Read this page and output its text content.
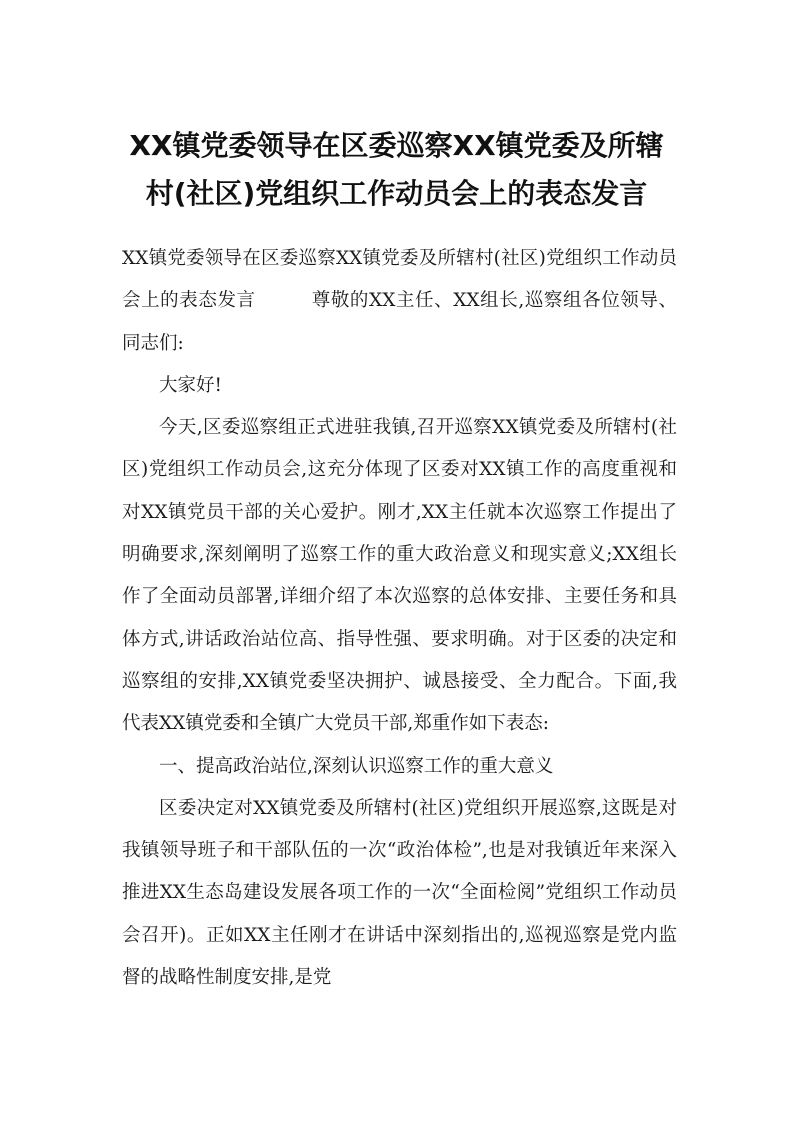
XX镇党委领导在区委巡察XX镇党委及所辖
村(社区)党组织工作动员会上的表态发言

XX镇党委领导在区委巡察XX镇党委及所辖村(社区)党组织工作动员会上的表态发言	尊敬的XX主任、XX组长,巡察组各位领导、同志们:

大家好!

今天,区委巡察组正式进驻我镇,召开巡察XX镇党委及所辖村(社区)党组织工作动员会,这充分体现了区委对XX镇工作的高度重视和对XX镇党员干部的关心爱护。刚才,XX主任就本次巡察工作提出了明确要求,深刻阐明了巡察工作的重大政治意义和现实意义;XX组长作了全面动员部署,详细介绍了本次巡察的总体安排、主要任务和具体方式,讲话政治站位高、指导性强、要求明确。对于区委的决定和巡察组的安排,XX镇党委坚决拥护、诚恳接受、全力配合。下面,我代表XX镇党委和全镇广大党员干部,郑重作如下表态:

一、提高政治站位,深刻认识巡察工作的重大意义

区委决定对XX镇党委及所辖村(社区)党组织开展巡察,这既是对我镇领导班子和干部队伍的一次“政治体检”,也是对我镇近年来深入推进XX生态岛建设发展各项工作的一次“全面检阅”党组织工作动员会召开)。正如XX主任刚才在讲话中深刻指出的,巡视巡察是党内监督的战略性制度安排,是党
